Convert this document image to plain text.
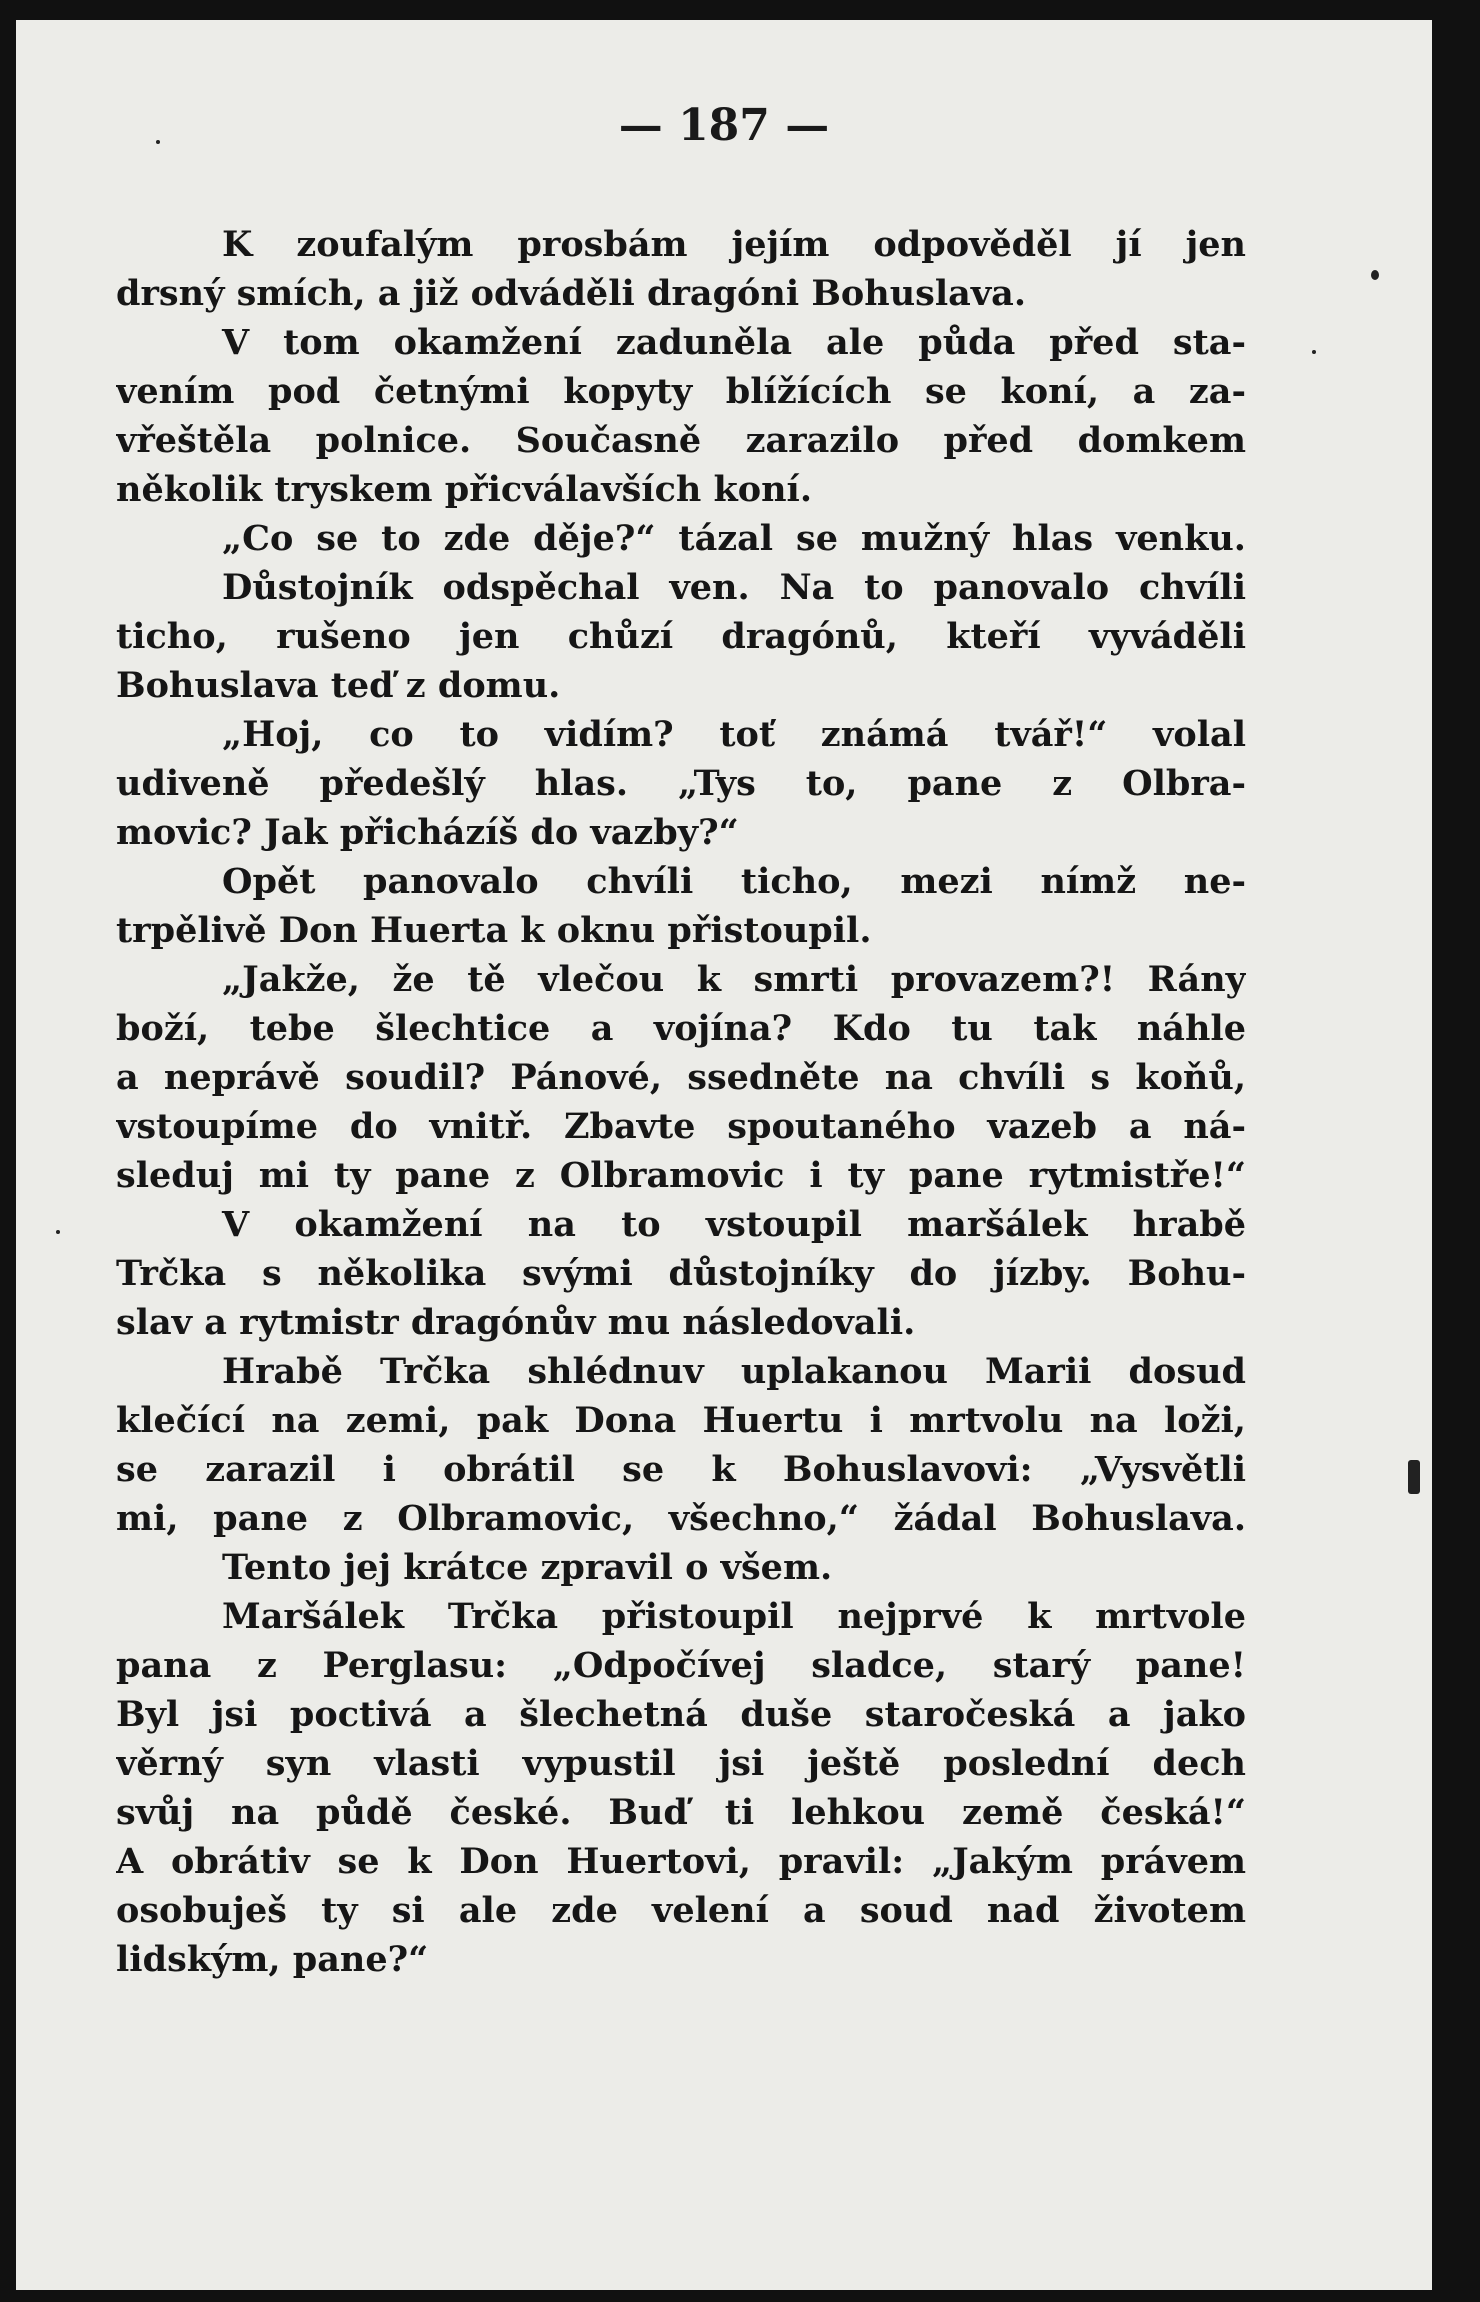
— 187 —
K zoufalým prosbám jejím odpověděl jí jen
drsný smích, a již odváděli dragóni Bohuslava.
V tom okamžení zaduněla ale půda před sta-
vením pod četnými kopyty blížících se koní, a za-
vřeštěla polnice. Současně zarazilo před domkem
několik tryskem přicválavších koní.
„Co se to zde děje?“ tázal se mužný hlas venku.
Důstojník odspěchal ven. Na to panovalo chvíli
ticho, rušeno jen chůzí dragónů, kteří vyváděli
Bohuslava teď z domu.
„Hoj, co to vidím? toť známá tvář!“ volal
udiveně předešlý hlas. „Tys to, pane z Olbra-
movic? Jak přicházíš do vazby?“
Opět panovalo chvíli ticho, mezi nímž ne-
trpělivě Don Huerta k oknu přistoupil.
„Jakže, že tě vlečou k smrti provazem?! Rány
boží, tebe šlechtice a vojína? Kdo tu tak náhle
a neprávě soudil? Pánové, ssedněte na chvíli s koňů,
vstoupíme do vnitř. Zbavte spoutaného vazeb a ná-
sleduj mi ty pane z Olbramovic i ty pane rytmistře!“
V okamžení na to vstoupil maršálek hrabě
Trčka s několika svými důstojníky do jízby. Bohu-
slav a rytmistr dragónův mu následovali.
Hrabě Trčka shlédnuv uplakanou Marii dosud
klečící na zemi, pak Dona Huertu i mrtvolu na loži,
se zarazil i obrátil se k Bohuslavovi: „Vysvětli
mi, pane z Olbramovic, všechno,“ žádal Bohuslava.
Tento jej krátce zpravil o všem.
Maršálek Trčka přistoupil nejprvé k mrtvole
pana z Perglasu: „Odpočívej sladce, starý pane!
Byl jsi poctivá a šlechetná duše staročeská a jako
věrný syn vlasti vypustil jsi ještě poslední dech
svůj na půdě české. Buď ti lehkou země česká!“
A obrátiv se k Don Huertovi, pravil: „Jakým právem
osobuješ ty si ale zde velení a soud nad životem
lidským, pane?“
